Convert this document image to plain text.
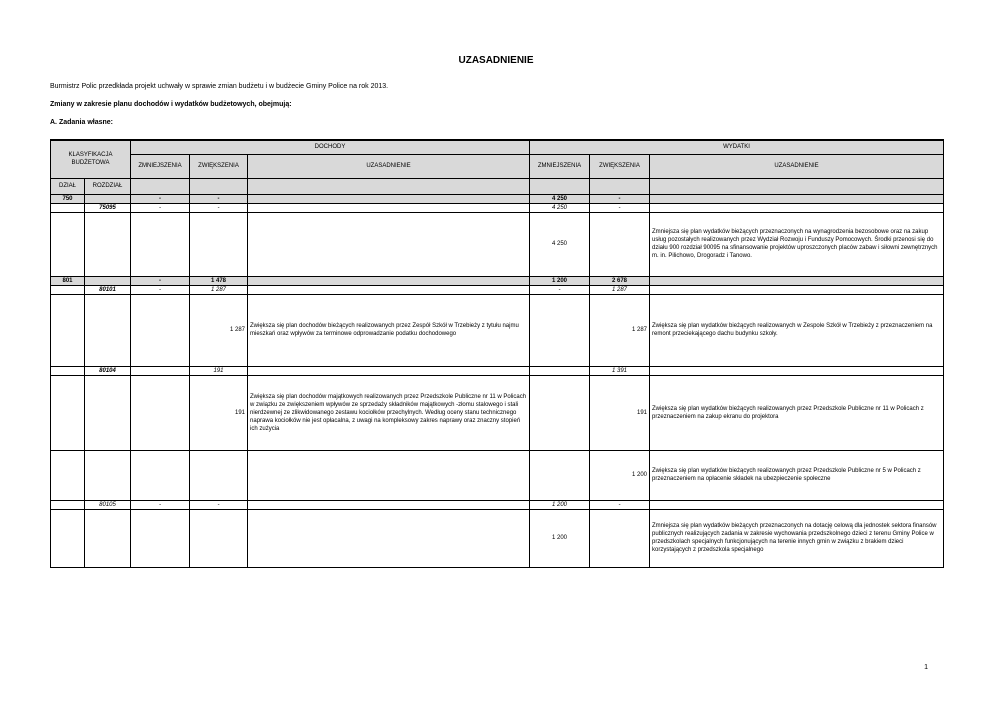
UZASADNIENIE
Burmistrz Polic przedkłada projekt uchwały w sprawie zmian budżetu i w budżecie Gminy Police na rok 2013.
Zmiany w zakresie planu dochodów i wydatków budżetowych, obejmują:
A. Zadania własne:
KLASYFIKACJA BUDŻETOWA		DOCHODY			WYDATKI		
		ZMNIEJSZENIA	ZWIĘKSZENIA	UZASADNIENIE	ZMNIEJSZENIA	ZWIĘKSZENIA	UZASADNIENIE
DZIAŁ	ROZDZIAŁ						
750		-	-		4 250	-	
	75095	-	-		4 250	-	
					4 250		Zmniejsza się plan wydatków bieżących przeznaczonych na wynagrodzenia bezosobowe oraz na zakup usług pozostałych realizowanych przez Wydział Rozwoju i Funduszy Pomocowych. Środki przenosi się do działu 900 rozdział 90095 na sfinansowanie projektów uproszczonych placów zabaw i siłowni zewnętrznych m. in. Pilichowo, Drogoradz i Tanowo.
801		-	1 478		1 200	2 678	
	80101	-	1 287		-	1 287	
			1 287	Zwiększa się plan dochodów bieżących realizowanych przez Zespół Szkół w Trzebieży z tytułu najmu mieszkań oraz wpływów za terminowe odprowadzanie podatku dochodowego		1 287	Zwiększa się plan wydatków bieżących realizowanych w Zespole Szkół w Trzebieży z przeznaczeniem na remont przeciekającego dachu budynku szkoły.
	80104		191			1 391	
			191	Zwiększa się plan dochodów majątkowych realizowanych przez Przedszkole Publiczne nr 11 w Policach w związku ze zwiększeniem wpływów ze sprzedaży składników majątkowych -złomu stalowego i stali nierdzewnej ze zlikwidowanego zestawu kociołków przechylnych. Według oceny stanu technicznego naprawa kociołków nie jest opłacalna, z uwagi na kompleksowy zakres naprawy oraz znaczny stopień ich zużycia		191	Zwiększa się plan wydatków bieżących realizowanych przez Przedszkole Publiczne nr 11 w Policach z przeznaczeniem na zakup ekranu do projektora
						1 200	Zwiększa się plan wydatków bieżących realizowanych przez Przedszkole Publiczne nr 5 w Policach z przeznaczeniem na opłacenie składek na ubezpieczenie społeczne
	80105	-	-		1 200	-	
					1 200		Zmniejsza się plan wydatków bieżących przeznaczonych na dotację celową dla jednostek sektora finansów publicznych realizujących zadania w zakresie wychowania przedszkolnego dzieci z terenu Gminy Police w przedszkolach specjalnych funkcjonujących na terenie innych gmin w związku z brakiem dzieci korzystających z przedszkola specjalnego
1
